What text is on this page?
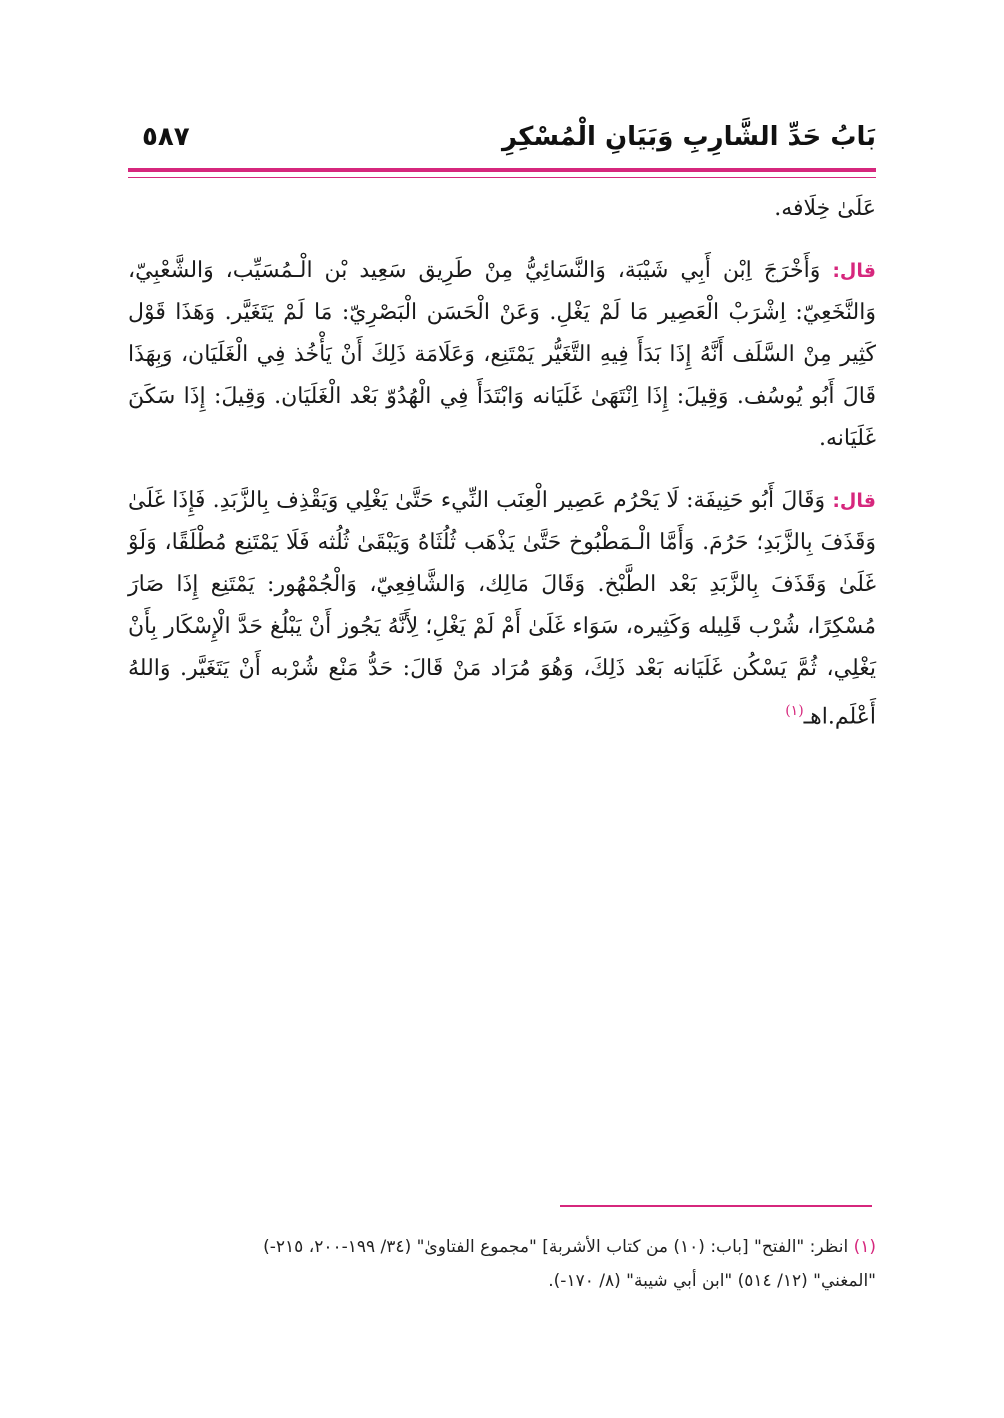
بَابُ حَدِّ الشَّارِبِ وَبَيَانِ الْمُسْكِرِ
٥٨٧

عَلَىٰ خِلَافه.

قال: وَأَخْرَجَ اِبْن أَبِي شَيْبَة، وَالنَّسَائِيُّ مِنْ طَرِيق سَعِيد بْن الْـمُسَيِّب، وَالشَّعْبِيّ، وَالنَّخَعِيّ: اِشْرَبْ الْعَصِير مَا لَمْ يَغْلِ. وَعَنْ الْحَسَن الْبَصْرِيّ: مَا لَمْ يَتَغَيَّر. وَهَذَا قَوْل كَثِير مِنْ السَّلَف أَنَّهُ إِذَا بَدَأَ فِيهِ التَّغَيُّر يَمْتَنِع، وَعَلَامَة ذَلِكَ أَنْ يَأْخُذ فِي الْغَلَيَان، وَبِهَذَا قَالَ أَبُو يُوسُف. وَقِيلَ: إِذَا اِنْتَهَىٰ غَلَيَانه وَابْتَدَأَ فِي الْهُدُوّ بَعْد الْغَلَيَان. وَقِيلَ: إِذَا سَكَنَ غَلَيَانه.

قال: وَقَالَ أَبُو حَنِيفَة: لَا يَحْرُم عَصِير الْعِنَب النِّيء حَتَّىٰ يَغْلِي وَيَقْذِف بِالزَّبَدِ. فَإِذَا غَلَىٰ وَقَذَفَ بِالزَّبَدِ؛ حَرُمَ. وَأَمَّا الْـمَطْبُوخ حَتَّىٰ يَذْهَب ثُلُثَاهُ وَيَبْقَىٰ ثُلُثه فَلَا يَمْتَنِع مُطْلَقًا، وَلَوْ غَلَىٰ وَقَذَفَ بِالزَّبَدِ بَعْد الطَّبْخ. وَقَالَ مَالِك، وَالشَّافِعِيّ، وَالْجُمْهُور: يَمْتَنِع إِذَا صَارَ مُسْكِرًا، شُرْب قَلِيله وَكَثِيره، سَوَاء غَلَىٰ أَمْ لَمْ يَغْلِ؛ لِأَنَّهُ يَجُوز أَنْ يَبْلُغ حَدَّ الْإِسْكَار بِأَنْ يَغْلِي، ثُمَّ يَسْكُن غَلَيَانه بَعْد ذَلِكَ، وَهُوَ مُرَاد مَنْ قَالَ: حَدُّ مَنْع شُرْبه أَنْ يَتَغَيَّر. وَاللهُ أَعْلَم.اهـ$^{(١)}$

(١) انظر: "الفتح" [باب: (١٠) من كتاب الأشربة] "مجموع الفتاوىٰ" (٣٤/ ١٩٩-٢٠٠، ٢١٥-)

"المغني" (١٢/ ٥١٤) "ابن أبي شيبة" (٨/ ١٧٠-).
